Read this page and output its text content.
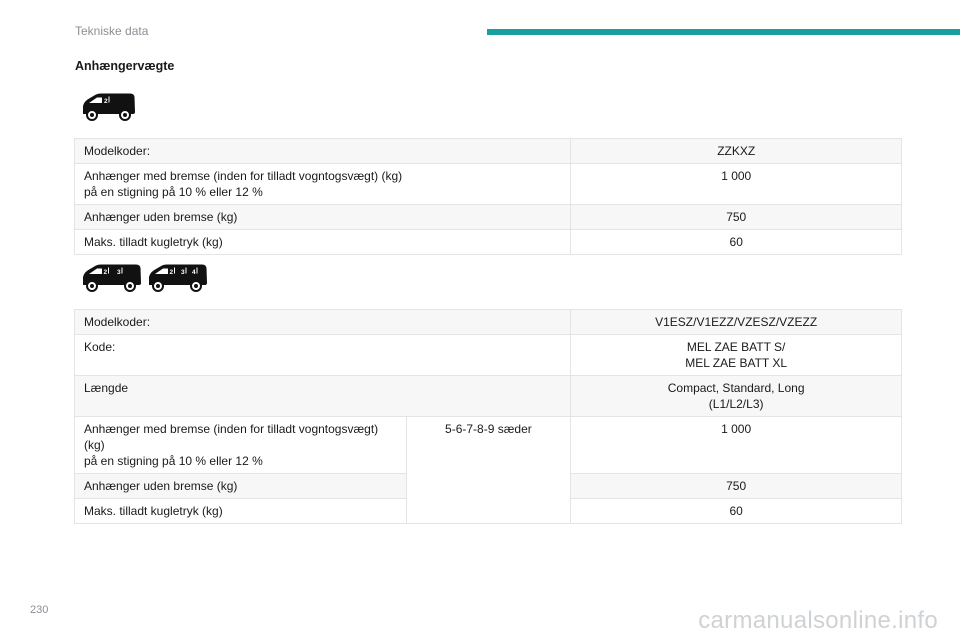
Tekniske data
Anhængervægte
2
Modelkoder:	ZZKXZ
Anhænger med bremse (inden for tilladt vogntogsvægt) (kg)
på en stigning på 10 % eller 12 %	1 000
Anhænger uden bremse (kg)	750
Maks. tilladt kugletryk (kg)	60
2 3	2 3 4
Modelkoder:		V1ESZ/V1EZZ/VZESZ/VZEZZ
Kode:		MEL ZAE BATT S/
MEL ZAE BATT XL
Længde		Compact, Standard, Long
(L1/L2/L3)
Anhænger med bremse (inden for tilladt vogntogsvægt)
(kg)
på en stigning på 10 % eller 12 %	5-6-7-8-9 sæder	1 000
Anhænger uden bremse (kg)		750
Maks. tilladt kugletryk (kg)		60
230	carmanualsonline.info
